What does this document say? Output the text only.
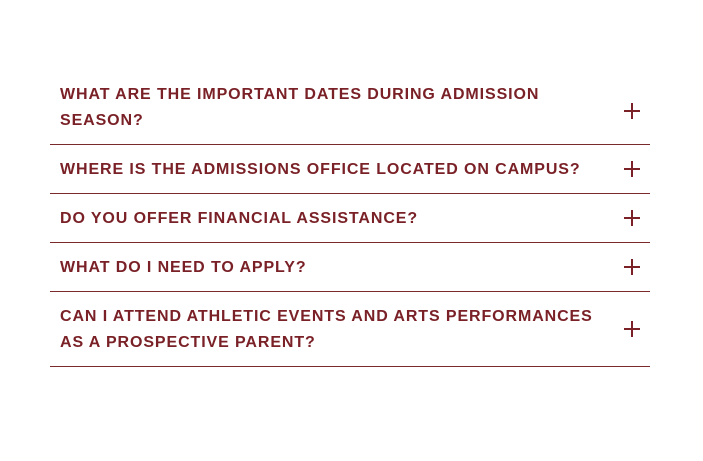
WHAT ARE THE IMPORTANT DATES DURING ADMISSION SEASON?

WHERE IS THE ADMISSIONS OFFICE LOCATED ON CAMPUS?

DO YOU OFFER FINANCIAL ASSISTANCE?

WHAT DO I NEED TO APPLY?

CAN I ATTEND ATHLETIC EVENTS AND ARTS PERFORMANCES AS A PROSPECTIVE PARENT?
